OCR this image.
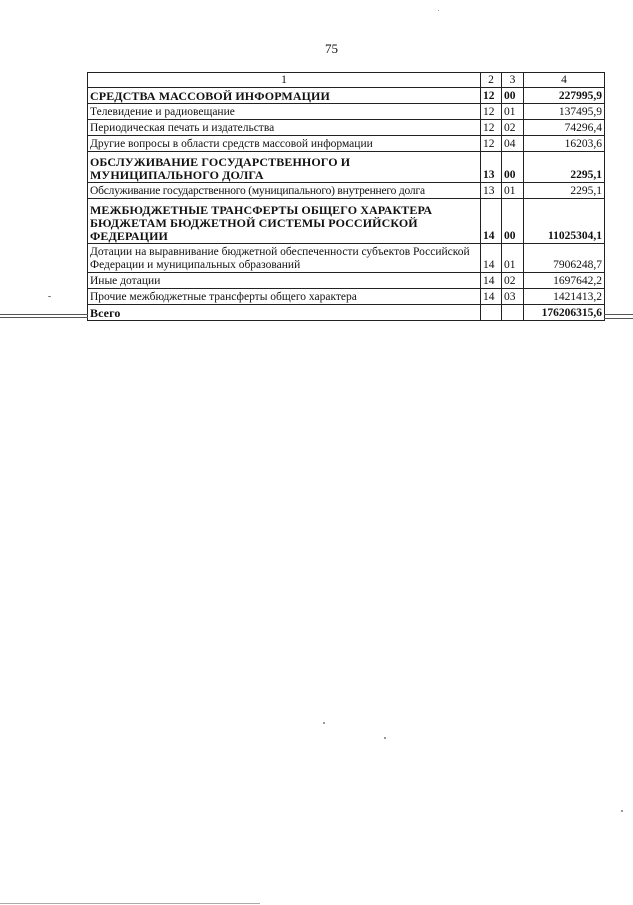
75
1	2	3	4
СРЕДСТВА МАССОВОЙ ИНФОРМАЦИИ	12	00	227995,9
Телевидение и радиовещание	12	01	137495,9
Периодическая печать и издательства	12	02	74296,4
Другие вопросы в области средств массовой информации	12	04	16203,6
ОБСЛУЖИВАНИЕ ГОСУДАРСТВЕННОГО И МУНИЦИПАЛЬНОГО ДОЛГА	13	00	2295,1
Обслуживание государственного (муниципального) внутреннего долга	13	01	2295,1
МЕЖБЮДЖЕТНЫЕ ТРАНСФЕРТЫ ОБЩЕГО ХАРАКТЕРА БЮДЖЕТАМ БЮДЖЕТНОЙ СИСТЕМЫ РОССИЙСКОЙ ФЕДЕРАЦИИ	14	00	11025304,1
Дотации на выравнивание бюджетной обеспеченности субъектов Российской Федерации и муниципальных образований	14	01	7906248,7
Иные дотации	14	02	1697642,2
Прочие межбюджетные трансферты общего характера	14	03	1421413,2
Всего			176206315,6
